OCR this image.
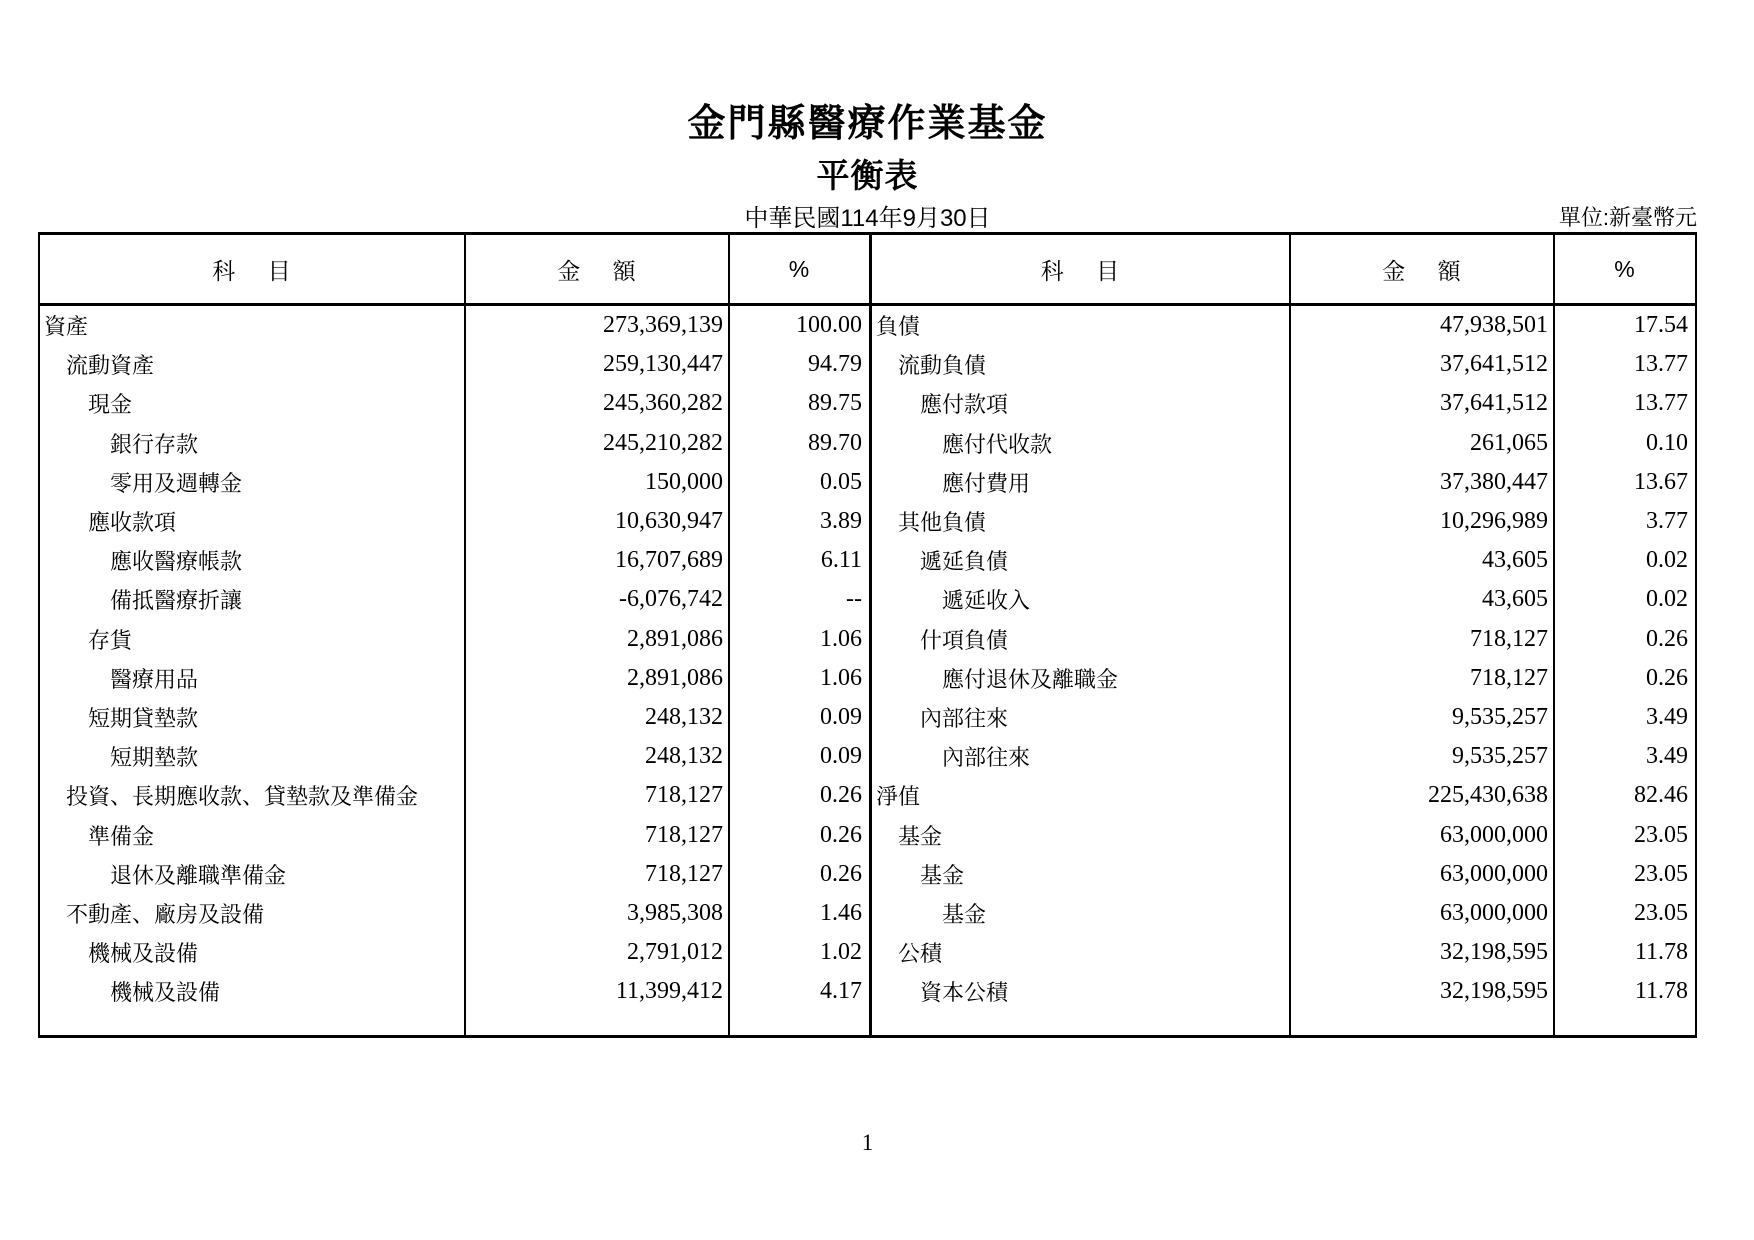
金門縣醫療作業基金
平衡表
中華民國114年9月30日	單位:新臺幣元
科　 目	金　 額	%	科　 目	金　 額	%
資產	273,369,139	100.00 負債	47,938,501	17.54
流動資產	259,130,447	94.79	流動負債	37,641,512	13.77
現金	245,360,282	89.75	應付款項	37,641,512	13.77
銀行存款	245,210,282	89.70	應付代收款	261,065	0.10
零用及週轉金	150,000	0.05	應付費用	37,380,447	13.67
應收款項	10,630,947	3.89	其他負債	10,296,989	3.77
應收醫療帳款	16,707,689	6.11	遞延負債	43,605	0.02
備抵醫療折讓	-6,076,742	--	遞延收入	43,605	0.02
存貨	2,891,086	1.06	什項負債	718,127	0.26
醫療用品	2,891,086	1.06	應付退休及離職金	718,127	0.26
短期貸墊款	248,132	0.09	內部往來	9,535,257	3.49
短期墊款	248,132	0.09	內部往來	9,535,257	3.49
投資、長期應收款、貸墊款及準備金	718,127	0.26 淨值	225,430,638	82.46
準備金	718,127	0.26	基金	63,000,000	23.05
退休及離職準備金	718,127	0.26	基金	63,000,000	23.05
不動產、廠房及設備	3,985,308	1.46	基金	63,000,000	23.05
機械及設備	2,791,012	1.02	公積	32,198,595	11.78
機械及設備	11,399,412	4.17	資本公積	32,198,595	11.78
1
